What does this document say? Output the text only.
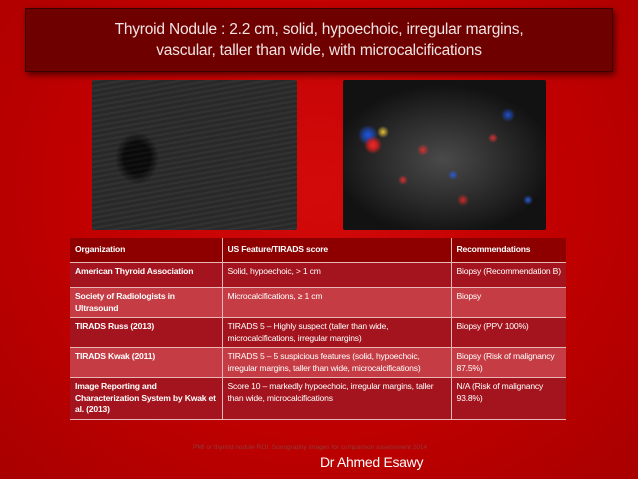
Thyroid Nodule : 2.2 cm, solid, hypoechoic, irregular margins,
vascular, taller than wide, with microcalcifications
Organization	US Feature/TIRADS score	Recommendations
American Thyroid Association	Solid, hypoechoic, > 1 cm	Biopsy (Recommendation B)
Society of Radiologists in Ultrasound	Microcalcifications, ≥ 1 cm	Biopsy
TIRADS Russ (2013)	TIRADS 5 – Highly suspect (taller than wide, microcalcifications, irregular margins)	Biopsy (PPV 100%)
TIRADS Kwak (2011)	TIRADS 5 – 5 suspicious features (solid, hypoechoic, irregular margins, taller than wide, microcalcifications)	Biopsy (Risk of malignancy 87.5%)
Image Reporting and Characterization System by Kwak et al. (2013)	Score 10 – markedly hypoechoic, irregular margins, taller than wide, microcalcifications	N/A (Risk of malignancy 93.8%)
PMI or thyroid nodule ROI: Sonography images for comparison assessment 2014
Dr Ahmed Esawy
